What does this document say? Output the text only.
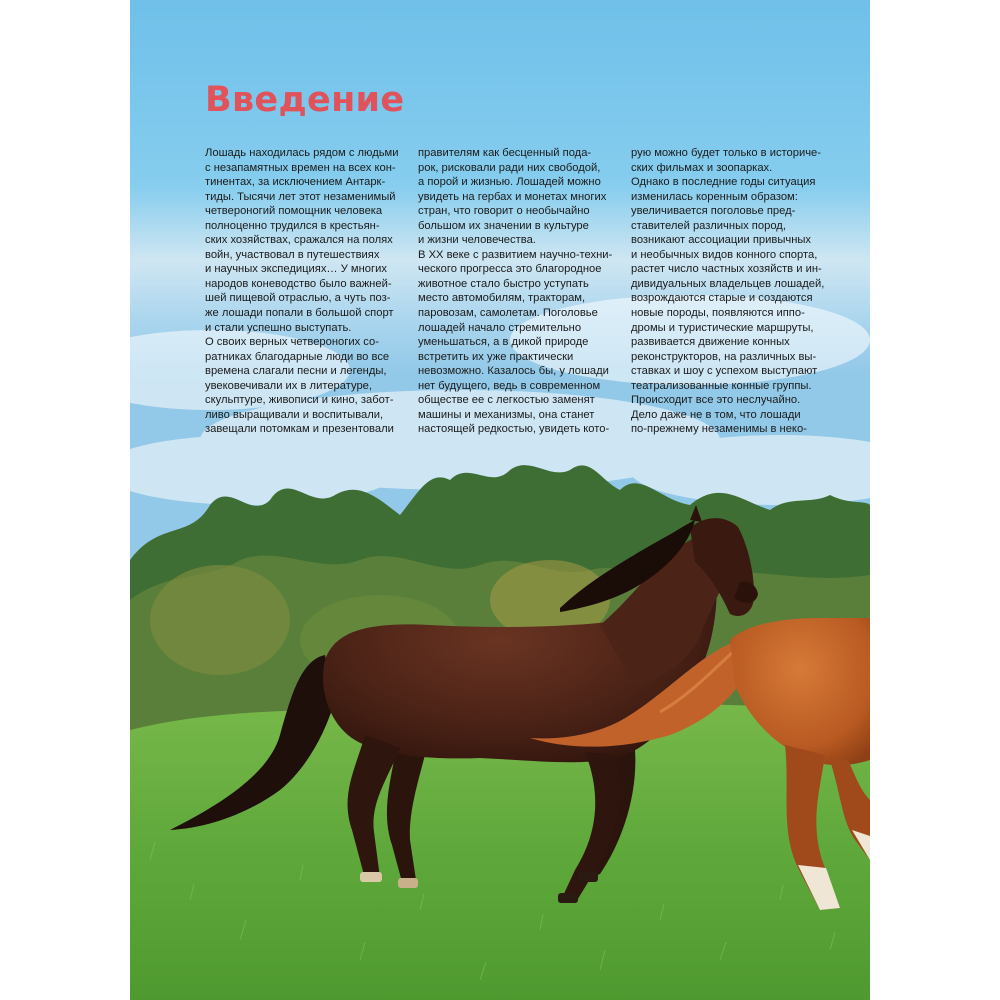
Введение
Лошадь находилась рядом с людьми
с незапамятных времен на всех кон-
тинентах, за исключением Антарк-
тиды. Тысячи лет этот незаменимый
четвероногий помощник человека
полноценно трудился в крестьян-
ских хозяйствах, сражался на полях
войн, участвовал в путешествиях
и научных экспедициях… У многих
народов коневодство было важней-
шей пищевой отраслью, а чуть поз-
же лошади попали в большой спорт
и стали успешно выступать.
О своих верных четвероногих со-
ратниках благодарные люди во все
времена слагали песни и легенды,
увековечивали их в литературе,
скульптуре, живописи и кино, забот-
ливо выращивали и воспитывали,
завещали потомкам и презентовали
правителям как бесценный пода-
рок, рисковали ради них свободой,
а порой и жизнью. Лошадей можно
увидеть на гербах и монетах многих
стран, что говорит о необычайно
большом их значении в культуре
и жизни человечества.
В XX веке с развитием научно-техни-
ческого прогресса это благородное
животное стало быстро уступать
место автомобилям, тракторам,
паровозам, самолетам. Поголовье
лошадей начало стремительно
уменьшаться, а в дикой природе
встретить их уже практически
невозможно. Казалось бы, у лошади
нет будущего, ведь в современном
обществе ее с легкостью заменят
машины и механизмы, она станет
настоящей редкостью, увидеть кото-
рую можно будет только в историче-
ских фильмах и зоопарках.
Однако в последние годы ситуация
изменилась коренным образом:
увеличивается поголовье пред-
ставителей различных пород,
возникают ассоциации привычных
и необычных видов конного спорта,
растет число частных хозяйств и ин-
дивидуальных владельцев лошадей,
возрождаются старые и создаются
новые породы, появляются иппо-
дромы и туристические маршруты,
развивается движение конных
реконструкторов, на различных вы-
ставках и шоу с успехом выступают
театрализованные конные группы.
Происходит все это неслучайно.
Дело даже не в том, что лошади
по-прежнему незаменимы в неко-
